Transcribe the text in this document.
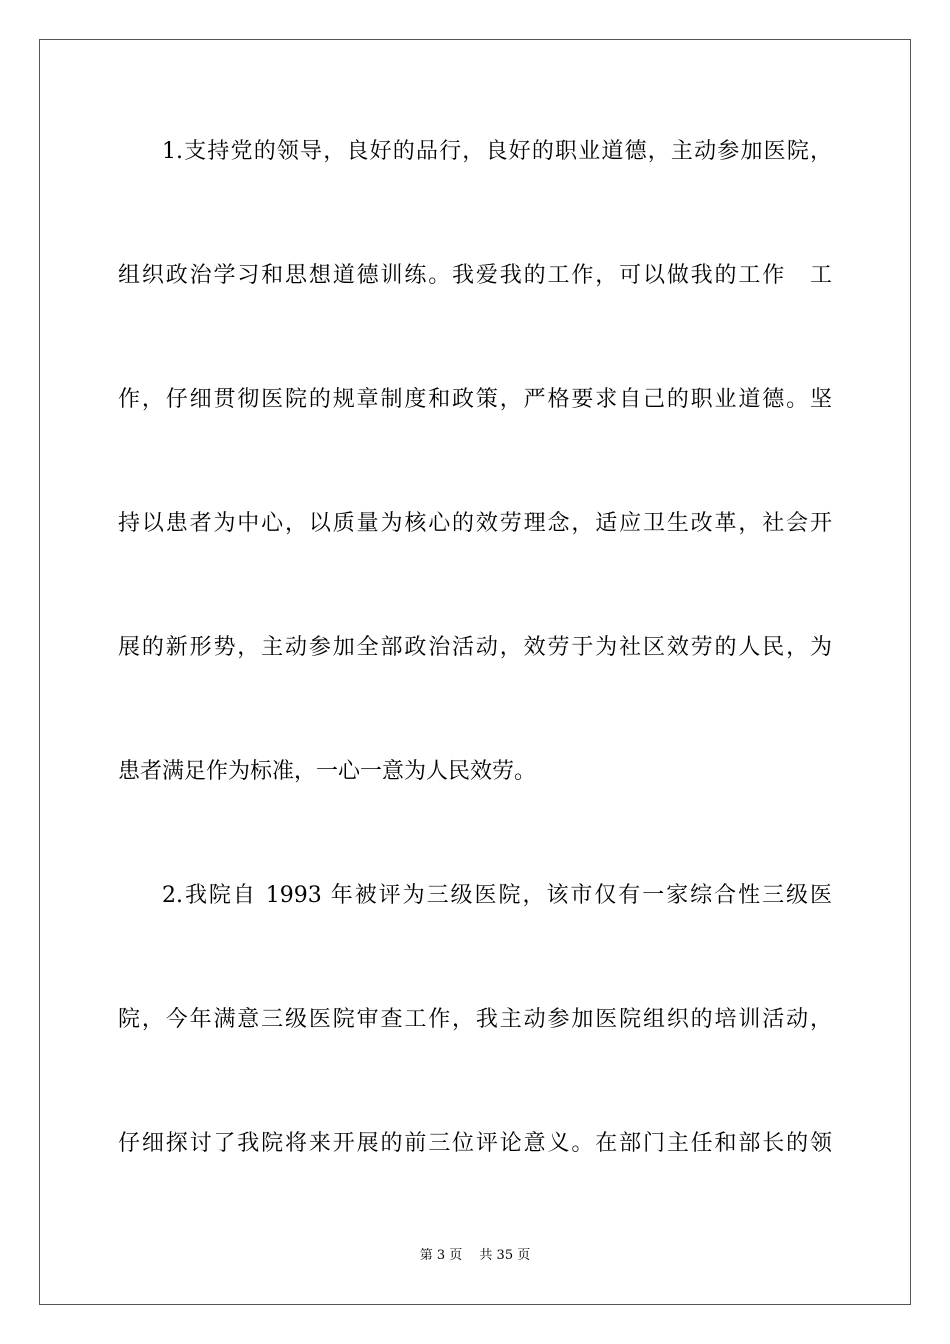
1.支持党的领导，良好的品行，良好的职业道德，主动参加医院，
组织政治学习和思想道德训练。我爱我的工作，可以做我的工作　工
作，仔细贯彻医院的规章制度和政策，严格要求自己的职业道德。坚
持以患者为中心，以质量为核心的效劳理念，适应卫生改革，社会开
展的新形势，主动参加全部政治活动，效劳于为社区效劳的人民，为
患者满足作为标准，一心一意为人民效劳。
2.我院自 1993 年被评为三级医院，该市仅有一家综合性三级医
院，今年满意三级医院审查工作，我主动参加医院组织的培训活动，
仔细探讨了我院将来开展的前三位评论意义。在部门主任和部长的领
第 3 页　 共 35 页
